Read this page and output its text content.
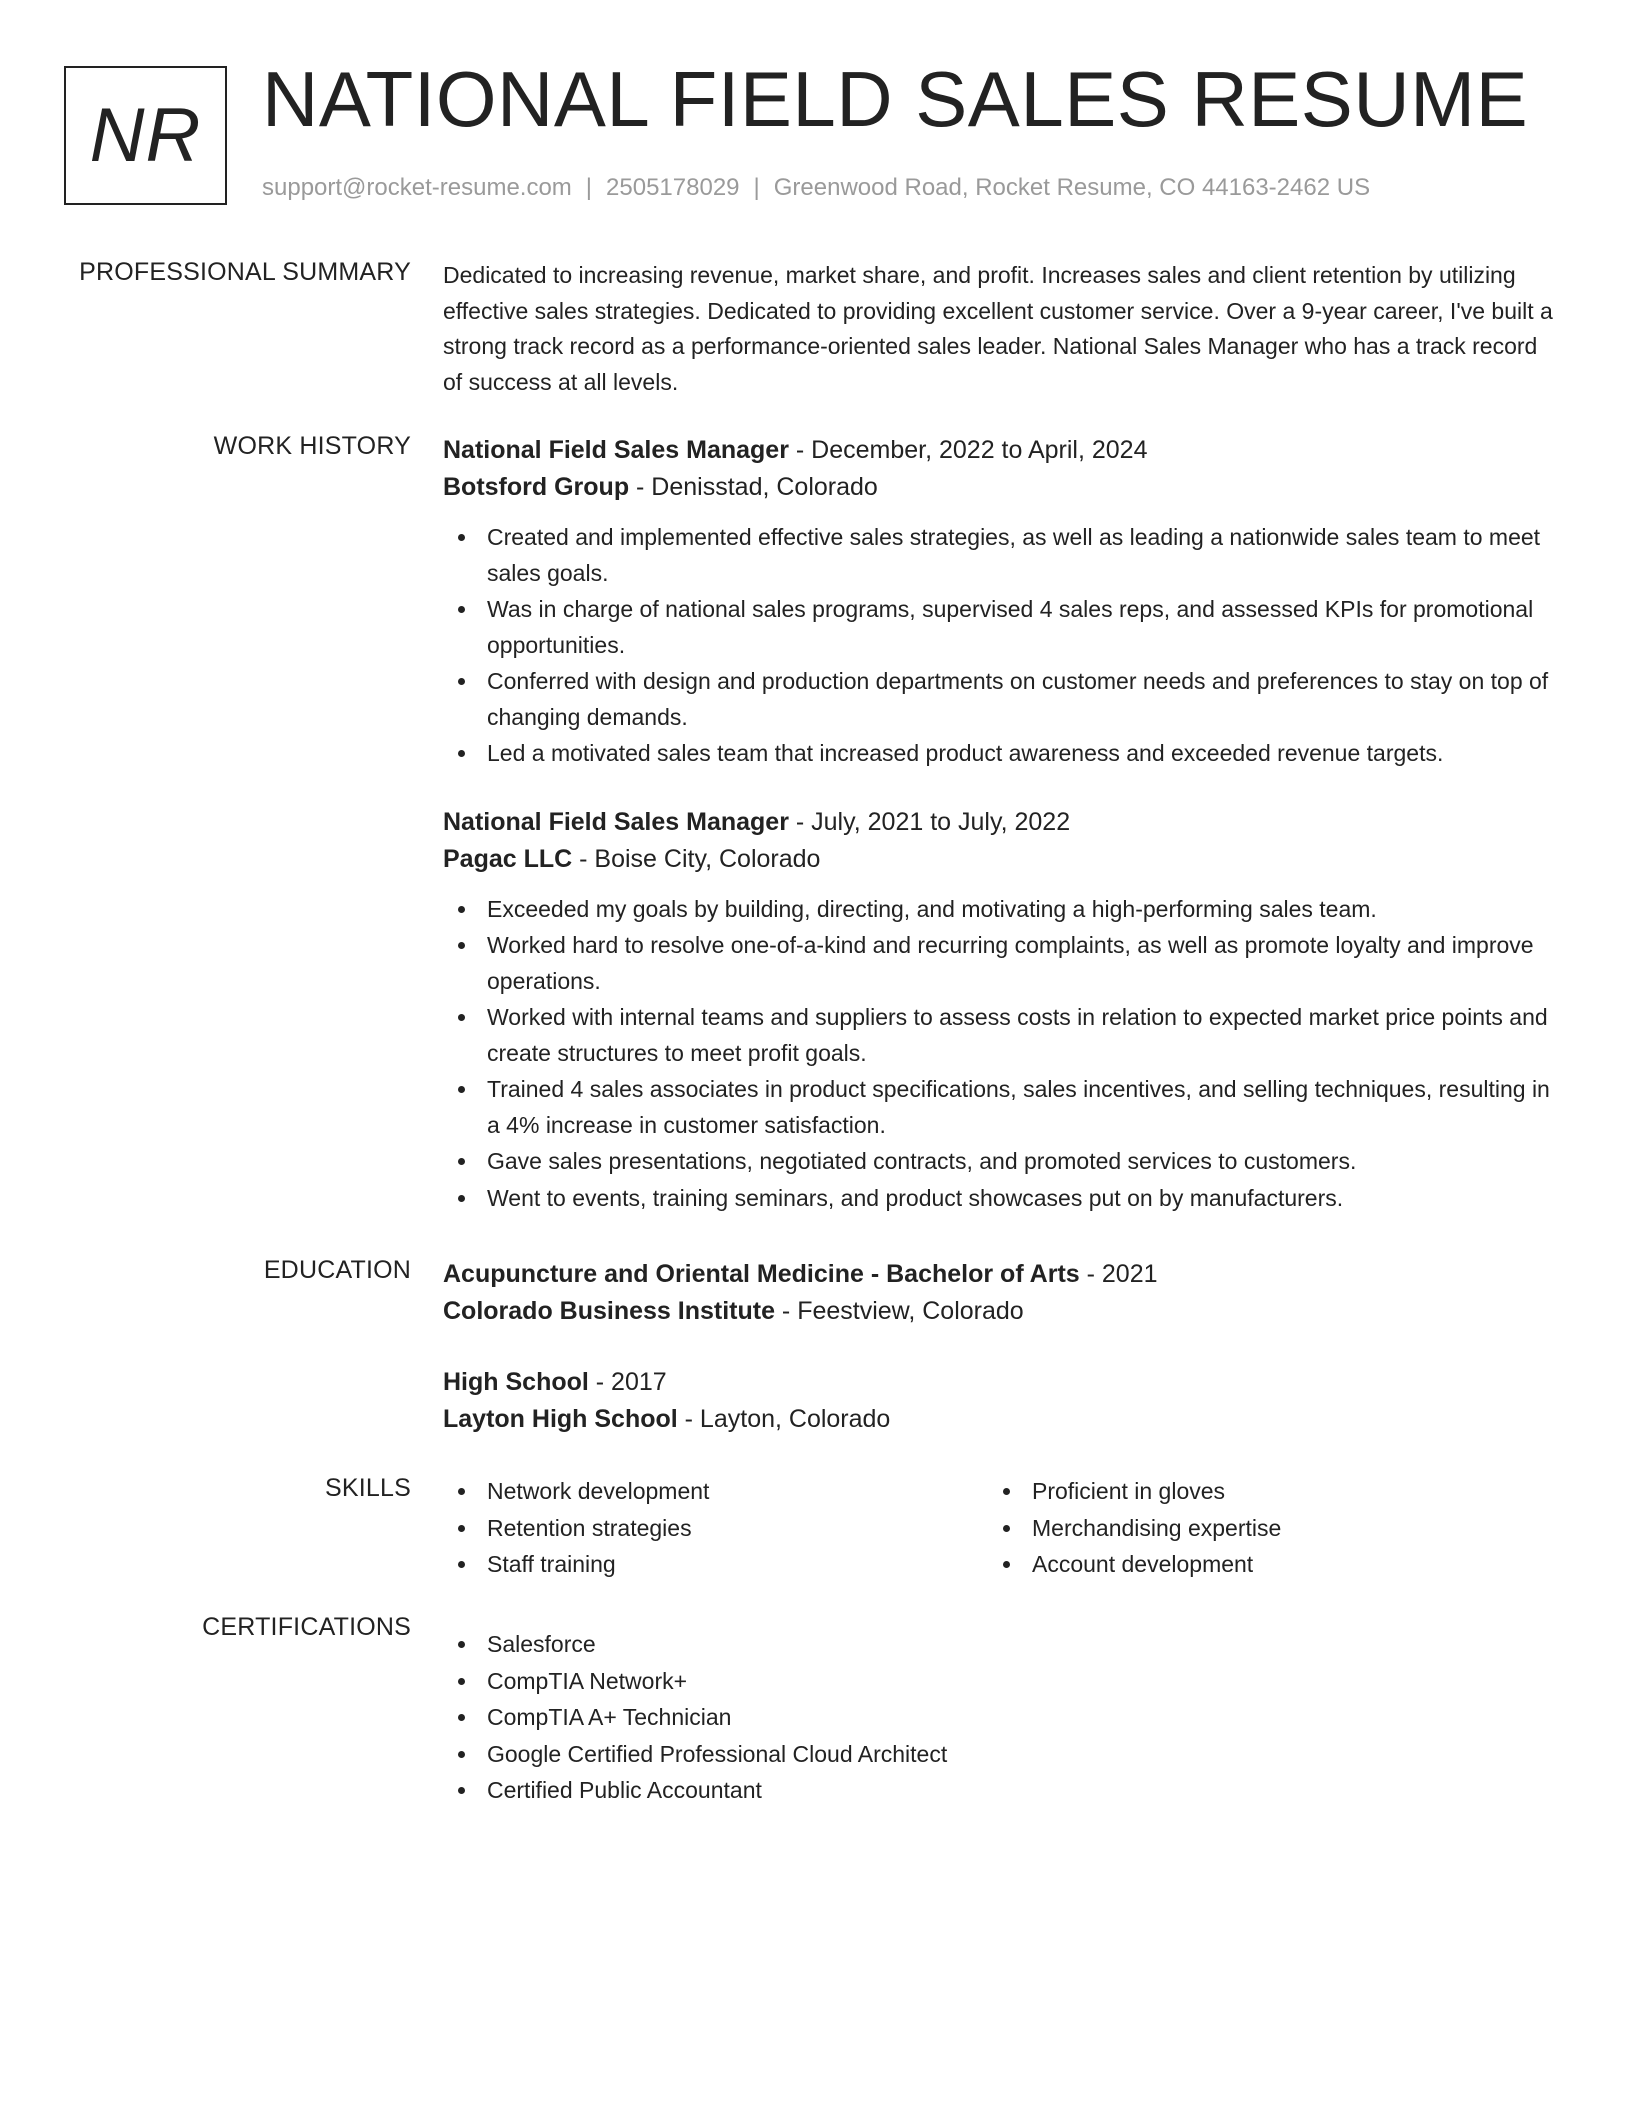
NR NATIONAL FIELD SALES RESUME
support@rocket-resume.com | 2505178029 | Greenwood Road, Rocket Resume, CO 44163-2462 US
PROFESSIONAL SUMMARY Dedicated to increasing revenue, market share, and profit. Increases sales and client retention by utilizing effective sales strategies. Dedicated to providing excellent customer service. Over a 9-year career, I've built a strong track record as a performance-oriented sales leader. National Sales Manager who has a track record of success at all levels.

WORK HISTORY National Field Sales Manager - December, 2022 to April, 2024
Botsford Group - Denisstad, Colorado
Created and implemented effective sales strategies, as well as leading a nationwide sales team to meet sales goals.
Was in charge of national sales programs, supervised 4 sales reps, and assessed KPIs for promotional opportunities.
Conferred with design and production departments on customer needs and preferences to stay on top of changing demands.
Led a motivated sales team that increased product awareness and exceeded revenue targets.
National Field Sales Manager - July, 2021 to July, 2022
Pagac LLC - Boise City, Colorado
Exceeded my goals by building, directing, and motivating a high-performing sales team.
Worked hard to resolve one-of-a-kind and recurring complaints, as well as promote loyalty and improve operations.
Worked with internal teams and suppliers to assess costs in relation to expected market price points and create structures to meet profit goals.
Trained 4 sales associates in product specifications, sales incentives, and selling techniques, resulting in a 4% increase in customer satisfaction.
Gave sales presentations, negotiated contracts, and promoted services to customers.
Went to events, training seminars, and product showcases put on by manufacturers.
EDUCATION Acupuncture and Oriental Medicine - Bachelor of Arts - 2021
Colorado Business Institute - Feestview, Colorado
High School - 2017
Layton High School - Layton, Colorado
SKILLS	Network development
Retention strategies
Staff training
Proficient in gloves
Merchandising expertise
Account development
CERTIFICATIONS
Salesforce
CompTIA Network+
CompTIA A+ Technician
Google Certified Professional Cloud Architect
Certified Public Accountant
